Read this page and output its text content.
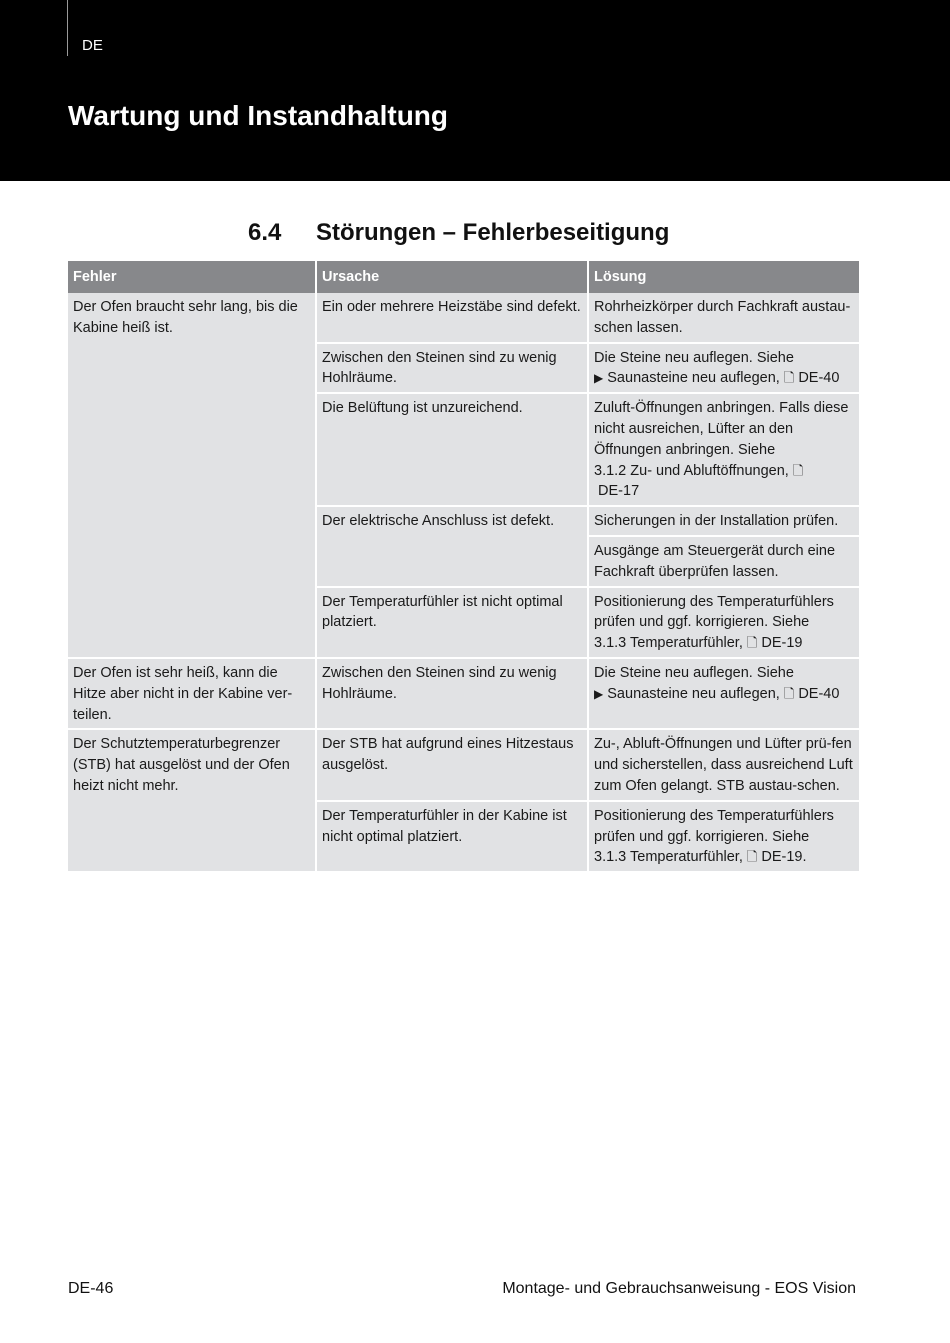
DE
Wartung und Instandhaltung
6.4 Störungen – Fehlerbeseitigung
Fehler	Ursache	Lösung
Der Ofen braucht sehr lang, bis die Kabine heiß ist.	Ein oder mehrere Heizstäbe sind defekt.	Rohrheizkörper durch Fachkraft austau-schen lassen.
	Zwischen den Steinen sind zu wenig Hohlräume.	Die Steine neu auflegen. Siehe
▶ Saunasteine neu auflegen, 🗋 DE-40
	Die Belüftung ist unzureichend.	Zuluft-Öffnungen anbringen. Falls diese nicht ausreichen, Lüfter an den Öffnungen anbringen. Siehe
3.1.2 Zu- und Abluftöffnungen, 🗋
DE-17
	Der elektrische Anschluss ist defekt.	Sicherungen in der Installation prüfen.
		Ausgänge am Steuergerät durch eine Fachkraft überprüfen lassen.
	Der Temperaturfühler ist nicht optimal platziert.	Positionierung des Temperaturfühlers prüfen und ggf. korrigieren. Siehe
3.1.3 Temperaturfühler, 🗋 DE-19
Der Ofen ist sehr heiß, kann die Hitze aber nicht in der Kabine ver-teilen.	Zwischen den Steinen sind zu wenig Hohlräume.	Die Steine neu auflegen. Siehe
▶ Saunasteine neu auflegen, 🗋 DE-40
Der Schutztemperaturbegrenzer (STB) hat ausgelöst und der Ofen heizt nicht mehr.	Der STB hat aufgrund eines Hitzestaus ausgelöst.	Zu-, Abluft-Öffnungen und Lüfter prü-fen und sicherstellen, dass ausreichend Luft zum Ofen gelangt. STB austau-schen.
	Der Temperaturfühler in der Kabine ist nicht optimal platziert.	Positionierung des Temperaturfühlers prüfen und ggf. korrigieren. Siehe
3.1.3 Temperaturfühler, 🗋 DE-19.
DE-46	Montage- und Gebrauchsanweisung - EOS Vision
